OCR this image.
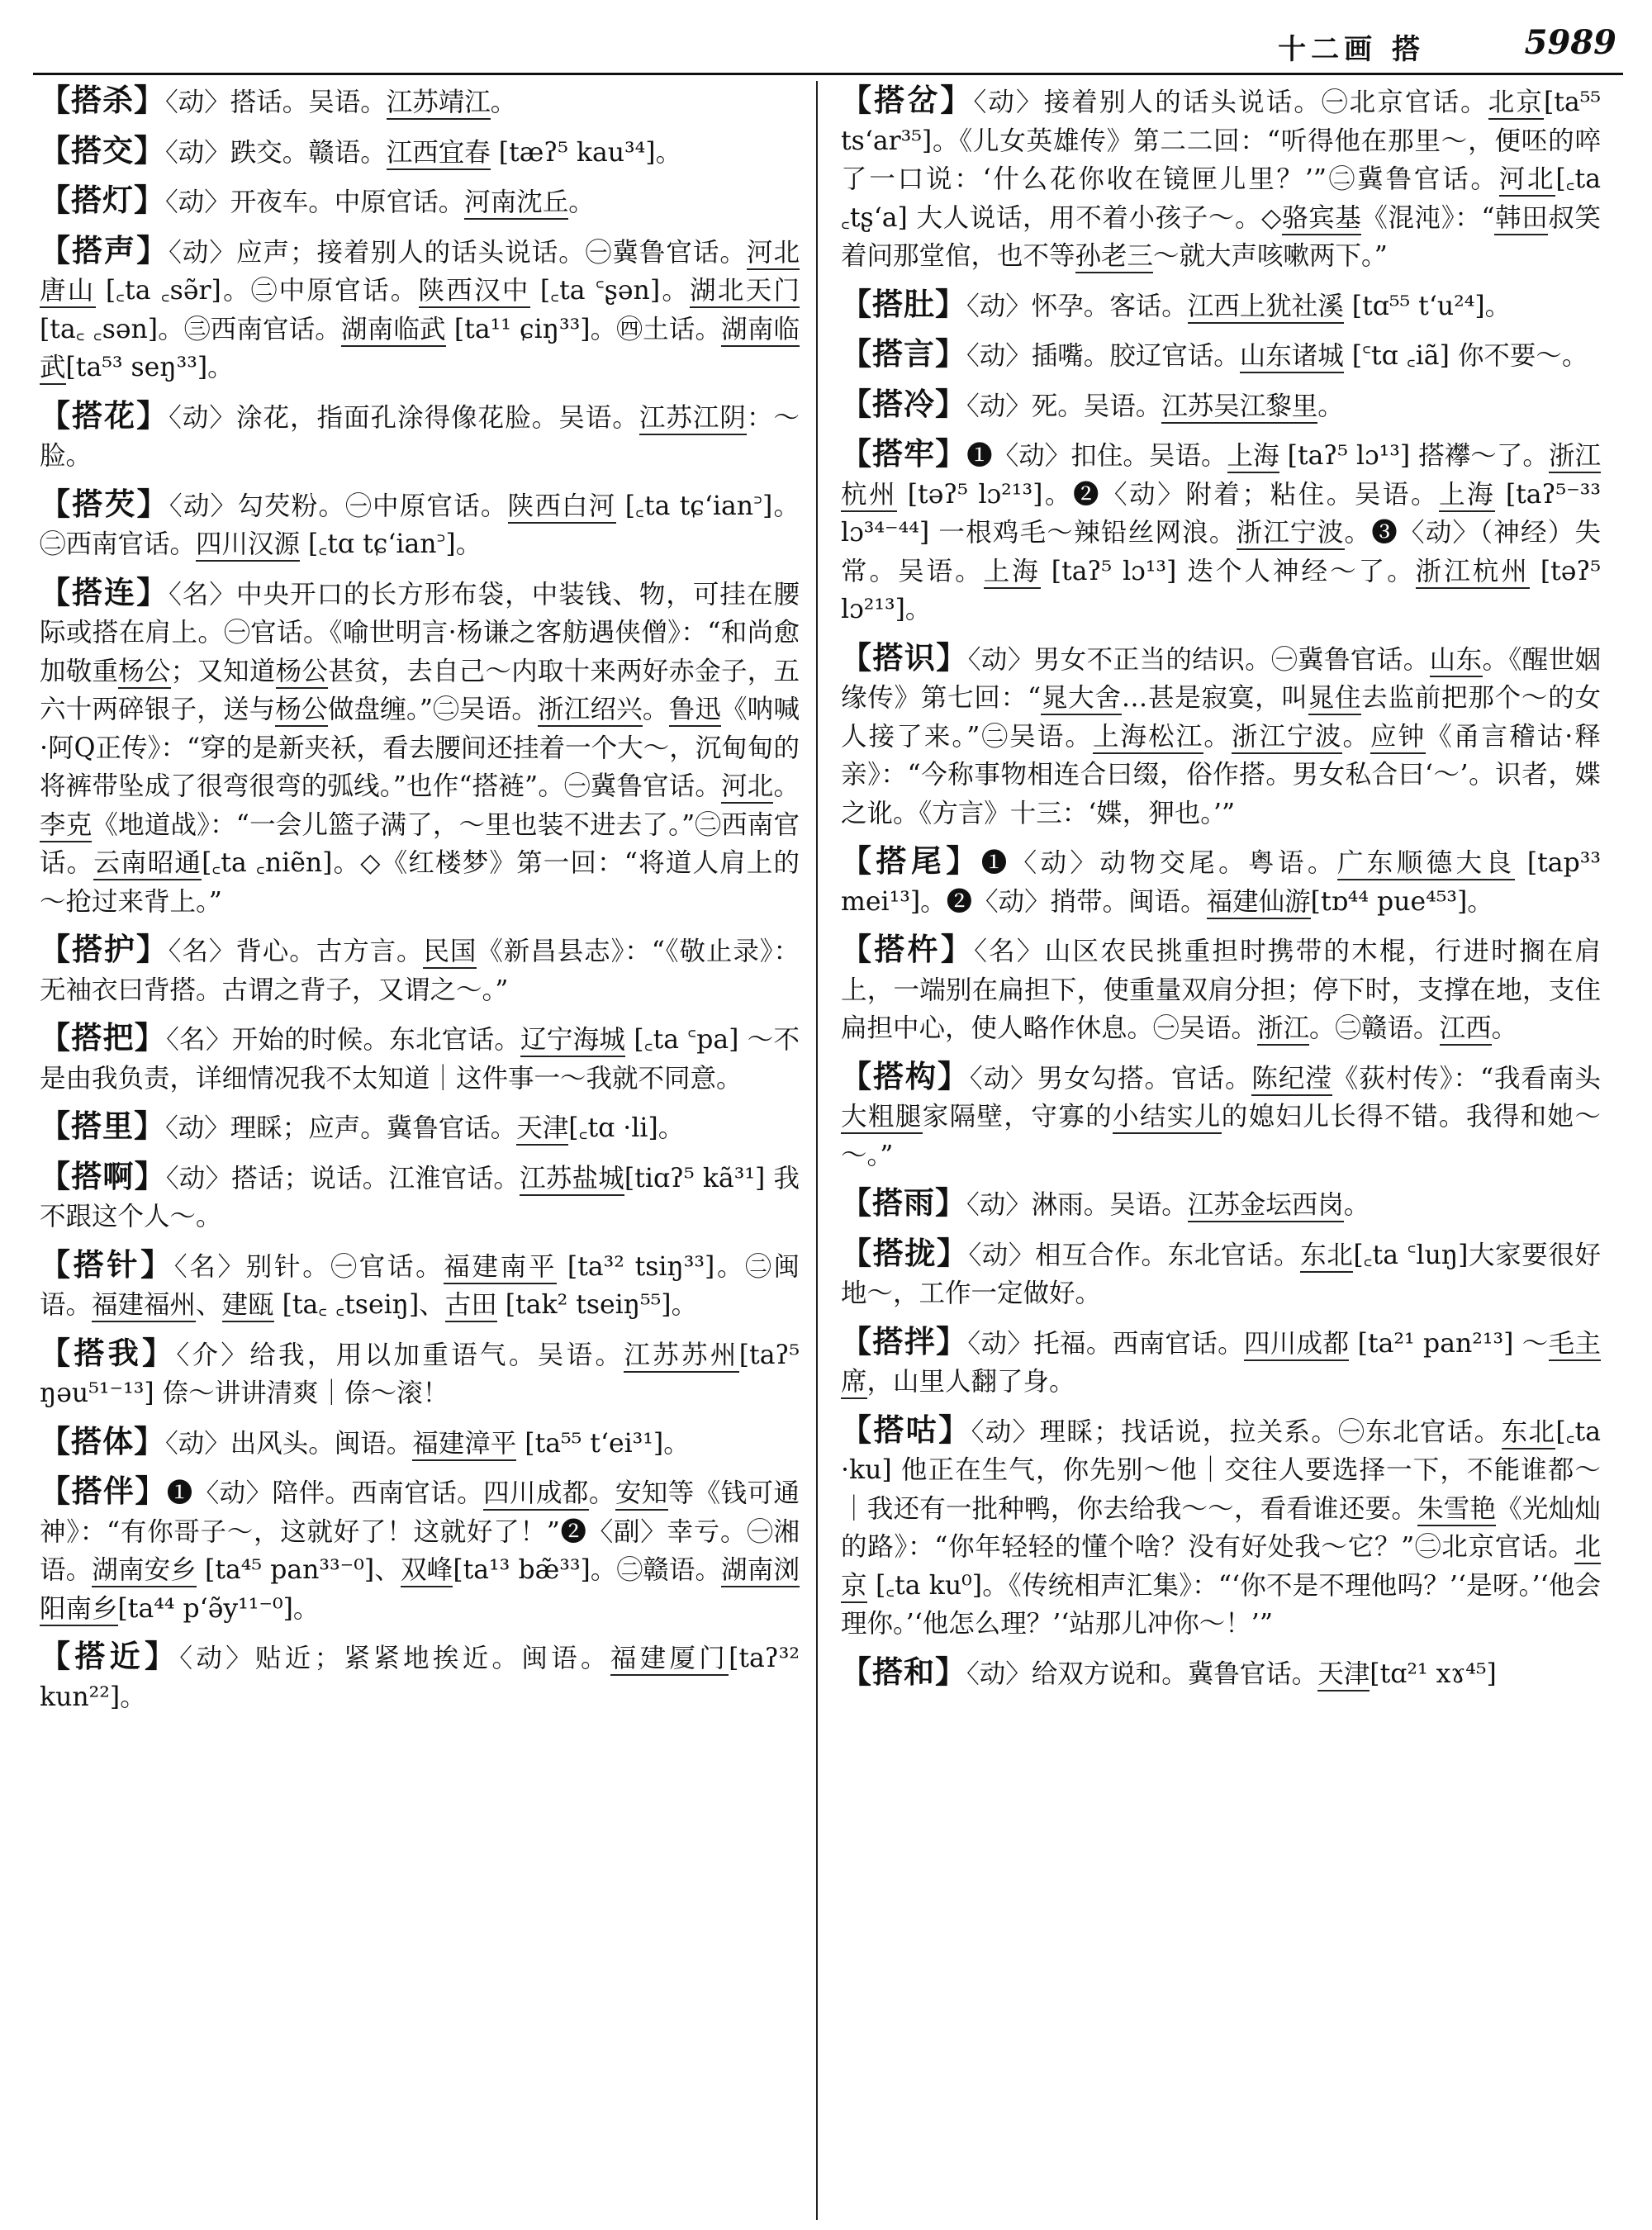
十二画 搭	5989

【搭杀】〈动〉搭话。吴语。江苏靖江。

【搭交】〈动〉跌交。赣语。江西宜春 [tæʔ⁵ kau³⁴]。

【搭灯】〈动〉开夜车。中原官话。河南沈丘。

【搭声】〈动〉应声；接着别人的话头说话。㊀冀鲁官话。河北唐山 [꜀ta ꜀sə̃r]。㊁中原官话。陕西汉中 [꜀ta ꜂ʂən]。湖北天门 [ta꜀ ꜀sən]。㊂西南官话。湖南临武 [ta¹¹ ɕiŋ³³]。㊃土话。湖南临武[ta⁵³ seŋ³³]。

【搭花】〈动〉涂花，指面孔涂得像花脸。吴语。江苏江阴：～脸。

【搭芡】〈动〉勾芡粉。㊀中原官话。陕西白河 [꜀ta tɕʻian꜄]。㊁西南官话。四川汉源 [꜀tɑ tɕʻian꜄]。

【搭连】〈名〉中央开口的长方形布袋，中装钱、物，可挂在腰际或搭在肩上。㊀官话。《喻世明言·杨谦之客舫遇侠僧》：“和尚愈加敬重杨公；又知道杨公甚贫，去自己～内取十来两好赤金子，五六十两碎银子，送与杨公做盘缠。”㊁吴语。浙江绍兴。鲁迅《呐喊·阿Q正传》：“穿的是新夹袄，看去腰间还挂着一个大～，沉甸甸的将裤带坠成了很弯很弯的弧线。”也作“搭裢”。㊀冀鲁官话。河北。李克《地道战》：“一会儿篮子满了，～里也装不进去了。”㊁西南官话。云南昭通[꜀ta ꜀niẽn]。◇《红楼梦》第一回：“将道人肩上的～抢过来背上。”

【搭护】〈名〉背心。古方言。民国《新昌县志》：“《敬止录》：无袖衣曰背搭。古谓之背子，又谓之～。”

【搭把】〈名〉开始的时候。东北官话。辽宁海城 [꜀ta ꜂pa] ～不是由我负责，详细情况我不太知道｜这件事一～我就不同意。

【搭里】〈动〉理睬；应声。冀鲁官话。天津[꜀tɑ ·li]。

【搭啊】〈动〉搭话；说话。江淮官话。江苏盐城[tiɑʔ⁵ kã³¹] 我不跟这个人～。

【搭针】〈名〉别针。㊀官话。福建南平 [ta³² tsiŋ³³]。㊁闽语。福建福州、建瓯 [ta꜀ ꜀tseiŋ]、古田 [tak² tseiŋ⁵⁵]。

【搭我】〈介〉给我，用以加重语气。吴语。江苏苏州[taʔ⁵ ŋəu⁵¹⁻¹³] 倷～讲讲清爽｜倷～滚！

【搭体】〈动〉出风头。闽语。福建漳平 [ta⁵⁵ tʻei³¹]。

【搭伴】❶〈动〉陪伴。西南官话。四川成都。安知等《钱可通神》：“有你哥子～，这就好了！这就好了！”❷〈副〉幸亏。㊀湘语。湖南安乡 [ta⁴⁵ pan³³⁻⁰]、双峰[ta¹³ bæ̃³³]。㊁赣语。湖南浏阳南乡[ta⁴⁴ pʻə̃y¹¹⁻⁰]。

【搭近】〈动〉贴近；紧紧地挨近。闽语。福建厦门[taʔ³² kun²²]。

【搭岔】〈动〉接着别人的话头说话。㊀北京官话。北京[ta⁵⁵ tsʻar³⁵]。《儿女英雄传》第二二回：“听得他在那里～，便呸的啐了一口说：‘什么花你收在镜匣儿里？’”㊁冀鲁官话。河北[꜀ta ꜀tʂʻa] 大人说话，用不着小孩子～。◇骆宾基《混沌》：“韩田叔笑着问那堂倌，也不等孙老三～就大声咳嗽两下。”

【搭肚】〈动〉怀孕。客话。江西上犹社溪 [tɑ⁵⁵ tʻu²⁴]。

【搭言】〈动〉插嘴。胶辽官话。山东诸城 [꜂tɑ ꜀iã] 你不要～。

【搭冷】〈动〉死。吴语。江苏吴江黎里。

【搭牢】❶〈动〉扣住。吴语。上海 [taʔ⁵ lɔ¹³] 搭襻～了。浙江杭州 [təʔ⁵ lɔ²¹³]。❷〈动〉附着；粘住。吴语。上海 [taʔ⁵⁻³³ lɔ³⁴⁻⁴⁴] 一根鸡毛～辣铅丝网浪。浙江宁波。❸〈动〉（神经）失常。吴语。上海 [taʔ⁵ lɔ¹³] 迭个人神经～了。浙江杭州 [təʔ⁵ lɔ²¹³]。

【搭识】〈动〉男女不正当的结识。㊀冀鲁官话。山东。《醒世姻缘传》第七回：“晁大舍…甚是寂寞，叫晁住去监前把那个～的女人接了来。”㊁吴语。上海松江。浙江宁波。应钟《甬言稽诂·释亲》：“今称事物相连合曰缀，俗作搭。男女私合曰‘～’。识者，媟之讹。《方言》十三：‘媟，狎也。’”

【搭尾】❶〈动〉动物交尾。粤语。广东顺德大良 [tap³³ mei¹³]。❷〈动〉捎带。闽语。福建仙游[tɒ⁴⁴ pue⁴⁵³]。

【搭杵】〈名〉山区农民挑重担时携带的木棍，行进时搁在肩上，一端别在扁担下，使重量双肩分担；停下时，支撑在地，支住扁担中心，使人略作休息。㊀吴语。浙江。㊁赣语。江西。

【搭构】〈动〉男女勾搭。官话。陈纪滢《荻村传》：“我看南头大粗腿家隔壁，守寡的小结实儿的媳妇儿长得不错。我得和她～～。”

【搭雨】〈动〉淋雨。吴语。江苏金坛西岗。

【搭拢】〈动〉相互合作。东北官话。东北[꜀ta ꜂luŋ]大家要很好地～，工作一定做好。

【搭拌】〈动〉托福。西南官话。四川成都 [ta²¹ pan²¹³] ～毛主席，山里人翻了身。

【搭咕】〈动〉理睬；找话说，拉关系。㊀东北官话。东北[꜀ta ·ku] 他正在生气，你先别～他｜交往人要选择一下，不能谁都～｜我还有一批种鸭，你去给我～～，看看谁还要。朱雪艳《光灿灿的路》：“你年轻轻的懂个啥？没有好处我～它？”㊁北京官话。北京 [꜀ta ku⁰]。《传统相声汇集》：“‘你不是不理他吗？’‘是呀。’‘他会理你。’‘他怎么理？’‘站那儿冲你～！’”

【搭和】〈动〉给双方说和。冀鲁官话。天津[tɑ²¹ xɤ⁴⁵]
